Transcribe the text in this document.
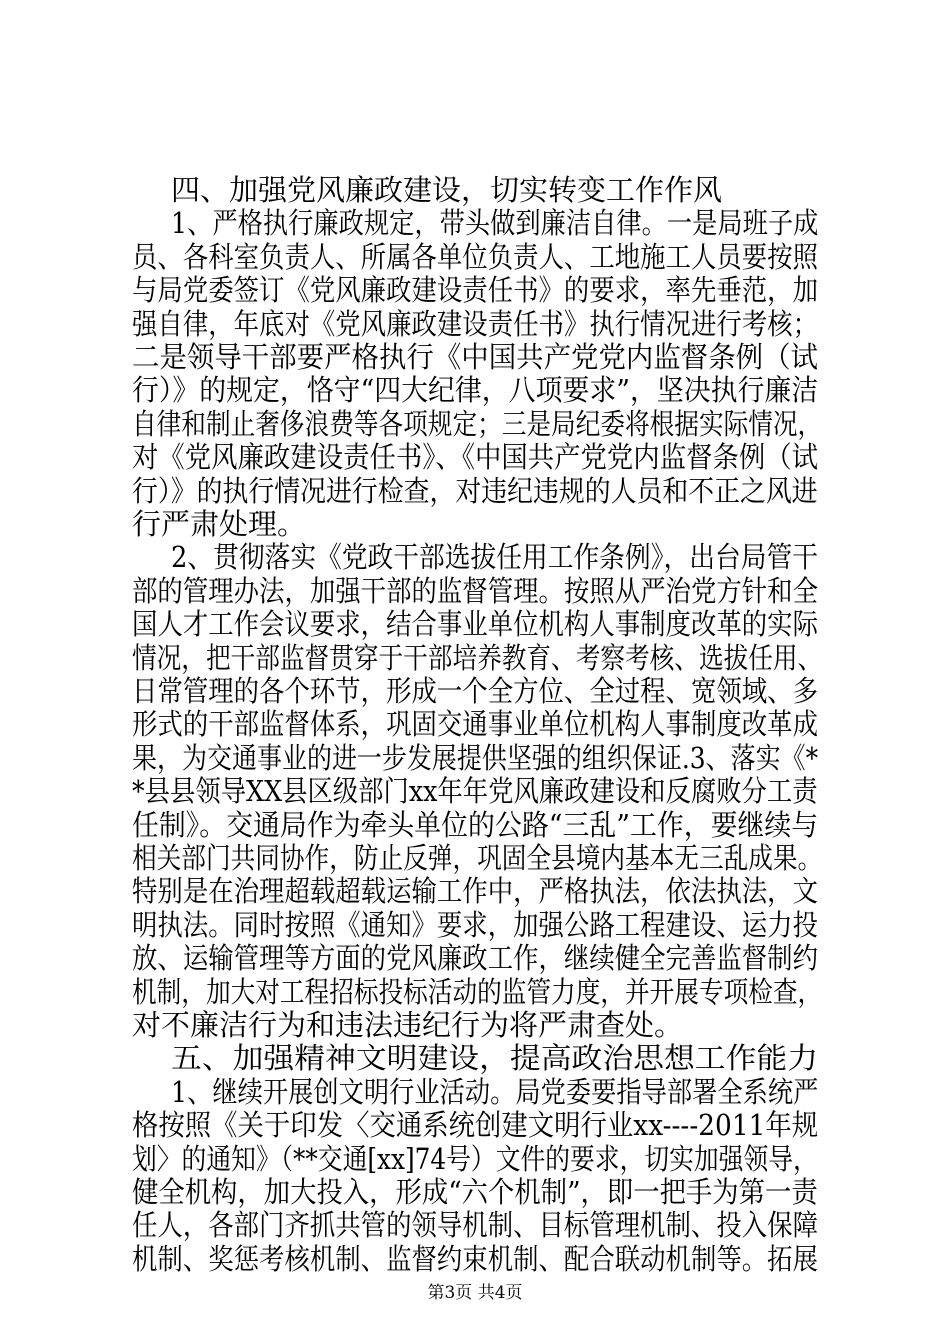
四、加强党风廉政建设，切实转变工作作风
1、严格执行廉政规定，带头做到廉洁自律。一是局班子成
员、各科室负责人、所属各单位负责人、工地施工人员要按照
与局党委签订《党风廉政建设责任书》的要求，率先垂范，加
强自律，年底对《党风廉政建设责任书》执行情况进行考核；
二是领导干部要严格执行《中国共产党党内监督条例（试
行）》的规定，恪守“四大纪律，八项要求”，坚决执行廉洁
自律和制止奢侈浪费等各项规定；三是局纪委将根据实际情况，
对《党风廉政建设责任书》、《中国共产党党内监督条例（试
行）》的执行情况进行检查，对违纪违规的人员和不正之风进
行严肃处理。
2、贯彻落实《党政干部选拔任用工作条例》，出台局管干
部的管理办法，加强干部的监督管理。按照从严治党方针和全
国人才工作会议要求，结合事业单位机构人事制度改革的实际
情况，把干部监督贯穿于干部培养教育、考察考核、选拔任用、
日常管理的各个环节，形成一个全方位、全过程、宽领域、多
形式的干部监督体系，巩固交通事业单位机构人事制度改革成
果，为交通事业的进一步发展提供坚强的组织保证.3、落实《*
*县县领导XX县区级部门xx年年党风廉政建设和反腐败分工责
任制》。交通局作为牵头单位的公路“三乱”工作，要继续与
相关部门共同协作，防止反弹，巩固全县境内基本无三乱成果。
特别是在治理超载超载运输工作中，严格执法，依法执法，文
明执法。同时按照《通知》要求，加强公路工程建设、运力投
放、运输管理等方面的党风廉政工作，继续健全完善监督制约
机制，加大对工程招标投标活动的监管力度，并开展专项检查，
对不廉洁行为和违法违纪行为将严肃查处。
五、加强精神文明建设，提高政治思想工作能力
1、继续开展创文明行业活动。局党委要指导部署全系统严
格按照《关于印发〈交通系统创建文明行业xx----2011年规
划〉的通知》（**交通[xx]74号）文件的要求，切实加强领导，
健全机构，加大投入，形成“六个机制”，即一把手为第一责
任人，各部门齐抓共管的领导机制、目标管理机制、投入保障
机制、奖惩考核机制、监督约束机制、配合联动机制等。拓展
第3页 共4页
